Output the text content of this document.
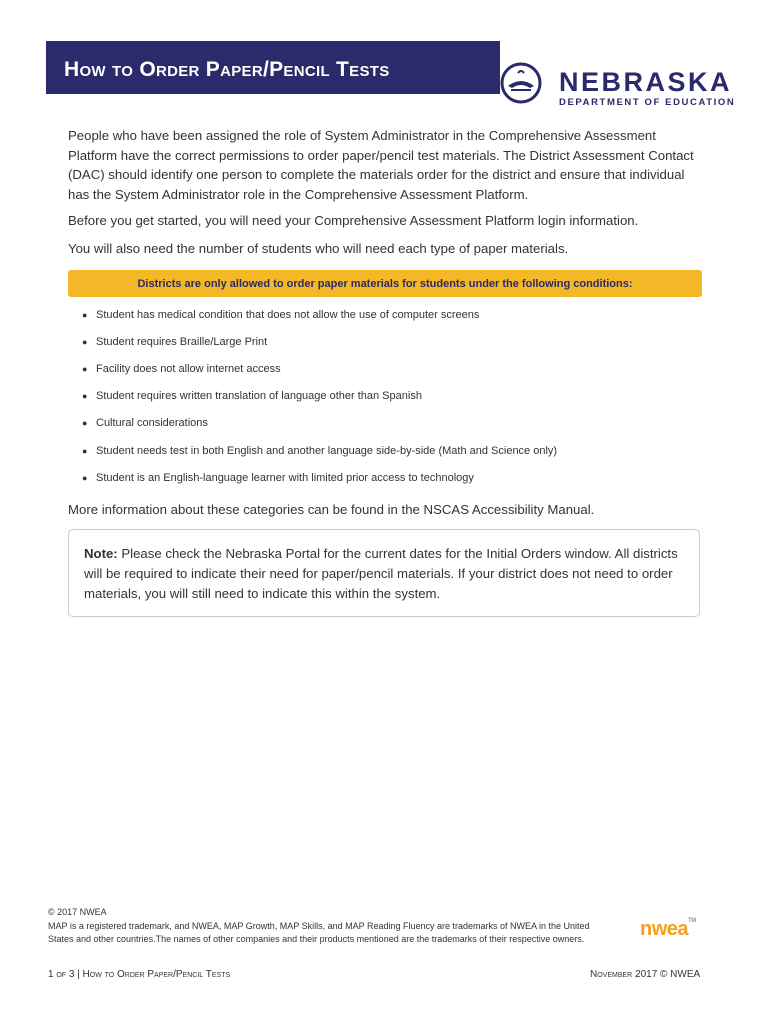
How to Order Paper/Pencil Tests	NEBRASKA
DEPARTMENT OF EDUCATION
People who have been assigned the role of System Administrator in the Comprehensive Assessment Platform have the correct permissions to order paper/pencil test materials. The District Assessment Contact (DAC) should identify one person to complete the materials order for the district and ensure that individual has the System Administrator role in the Comprehensive Assessment Platform.
Before you get started, you will need your Comprehensive Assessment Platform login information.
You will also need the number of students who will need each type of paper materials.
Districts are only allowed to order paper materials for students under the following conditions:
● Student has medical condition that does not allow the use of computer screens
● Student requires Braille/Large Print
● Facility does not allow internet access
● Student requires written translation of language other than Spanish
● Cultural considerations
● Student needs test in both English and another language side-by-side (Math and Science only)
● Student is an English-language learner with limited prior access to technology
More information about these categories can be found in the NSCAS Accessibility Manual.
Note: Please check the Nebraska Portal for the current dates for the Initial Orders window. All districts will be required to indicate their need for paper/pencil materials. If your district does not need to order materials, you will still need to indicate this within the system.
© 2017 NWEA
MAP is a registered trademark, and NWEA, MAP Growth, MAP Skills, and MAP Reading Fluency are trademarks of NWEA in the United States and other countries.The names of other companies and their products mentioned are the trademarks of their respective owners.	nwea™
1 of 3 | How to Order Paper/Pencil Tests	November 2017 © NWEA
